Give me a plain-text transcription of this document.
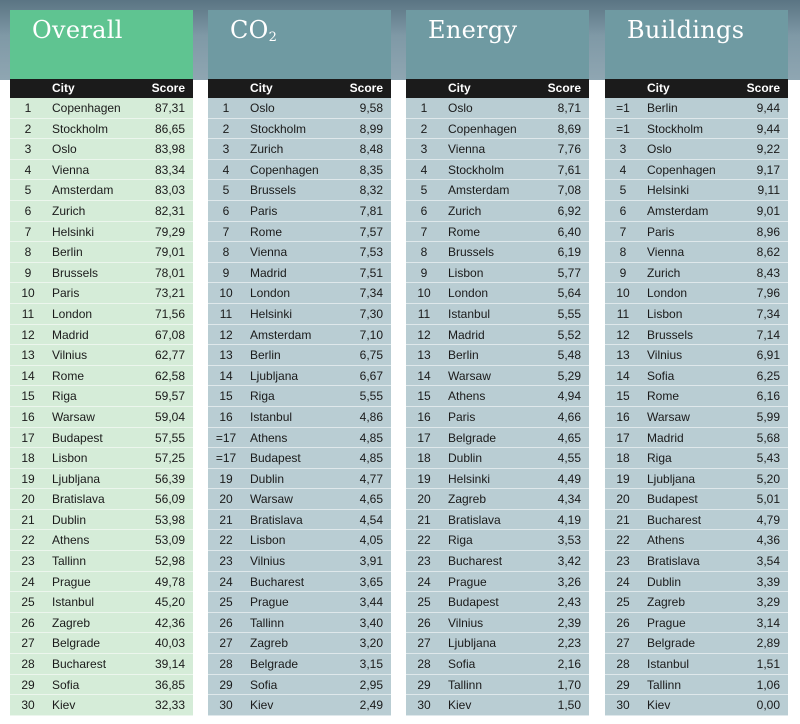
Overall
City	Score
1	Copenhagen	87,31
2	Stockholm	86,65
3	Oslo	83,98
4	Vienna	83,34
5	Amsterdam	83,03
6	Zurich	82,31
7	Helsinki	79,29
8	Berlin	79,01
9	Brussels	78,01
10	Paris	73,21
11	London	71,56
12	Madrid	67,08
13	Vilnius	62,77
14	Rome	62,58
15	Riga	59,57
16	Warsaw	59,04
17	Budapest	57,55
18	Lisbon	57,25
19	Ljubljana	56,39
20	Bratislava	56,09
21	Dublin	53,98
22	Athens	53,09
23	Tallinn	52,98
24	Prague	49,78
25	Istanbul	45,20
26	Zagreb	42,36
27	Belgrade	40,03
28	Bucharest	39,14
29	Sofia	36,85
30	Kiev	32,33
$CO_2$
City	Score
1	Oslo	9,58
2	Stockholm	8,99
3	Zurich	8,48
4	Copenhagen	8,35
5	Brussels	8,32
6	Paris	7,81
7	Rome	7,57
8	Vienna	7,53
9	Madrid	7,51
10	London	7,34
11	Helsinki	7,30
12	Amsterdam	7,10
13	Berlin	6,75
14	Ljubljana	6,67
15	Riga	5,55
16	Istanbul	4,86
=17	Athens	4,85
=17	Budapest	4,85
19	Dublin	4,77
20	Warsaw	4,65
21	Bratislava	4,54
22	Lisbon	4,05
23	Vilnius	3,91
24	Bucharest	3,65
25	Prague	3,44
26	Tallinn	3,40
27	Zagreb	3,20
28	Belgrade	3,15
29	Sofia	2,95
30	Kiev	2,49
Energy
City	Score
1	Oslo	8,71
2	Copenhagen	8,69
3	Vienna	7,76
4	Stockholm	7,61
5	Amsterdam	7,08
6	Zurich	6,92
7	Rome	6,40
8	Brussels	6,19
9	Lisbon	5,77
10	London	5,64
11	Istanbul	5,55
12	Madrid	5,52
13	Berlin	5,48
14	Warsaw	5,29
15	Athens	4,94
16	Paris	4,66
17	Belgrade	4,65
18	Dublin	4,55
19	Helsinki	4,49
20	Zagreb	4,34
21	Bratislava	4,19
22	Riga	3,53
23	Bucharest	3,42
24	Prague	3,26
25	Budapest	2,43
26	Vilnius	2,39
27	Ljubljana	2,23
28	Sofia	2,16
29	Tallinn	1,70
30	Kiev	1,50
Buildings
City	Score
=1	Berlin	9,44
=1	Stockholm	9,44
3	Oslo	9,22
4	Copenhagen	9,17
5	Helsinki	9,11
6	Amsterdam	9,01
7	Paris	8,96
8	Vienna	8,62
9	Zurich	8,43
10	London	7,96
11	Lisbon	7,34
12	Brussels	7,14
13	Vilnius	6,91
14	Sofia	6,25
15	Rome	6,16
16	Warsaw	5,99
17	Madrid	5,68
18	Riga	5,43
19	Ljubljana	5,20
20	Budapest	5,01
21	Bucharest	4,79
22	Athens	4,36
23	Bratislava	3,54
24	Dublin	3,39
25	Zagreb	3,29
26	Prague	3,14
27	Belgrade	2,89
28	Istanbul	1,51
29	Tallinn	1,06
30	Kiev	0,00
